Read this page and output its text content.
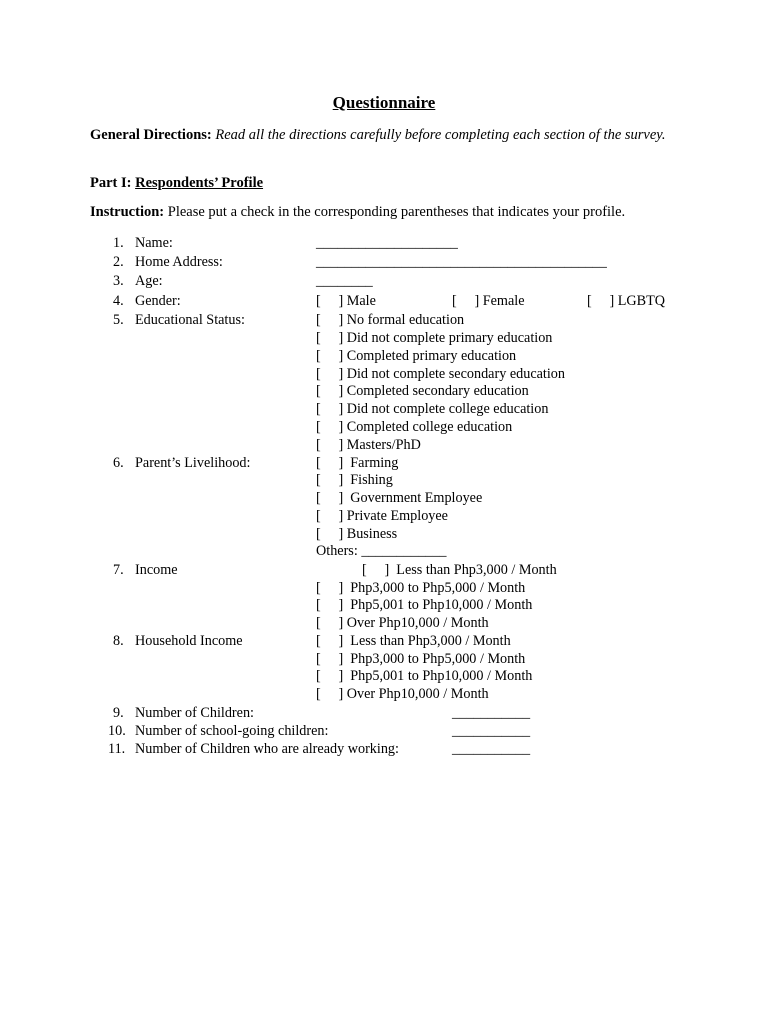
Questionnaire
General Directions: Read all the directions carefully before completing each section of the survey.
Part I: Respondents’ Profile
Instruction: Please put a check in the corresponding parentheses that indicates your profile.
1. Name:	____________________
2. Home Address:	_________________________________________
3. Age:	________
4. Gender:	[     ] Male	[     ] Female	[     ] LGBTQ
5. Educational Status:	[     ] No formal education
[     ] Did not complete primary education
[     ] Completed primary education
[     ] Did not complete secondary education
[     ] Completed secondary education
[     ] Did not complete college education
[     ] Completed college education
[     ] Masters/PhD
6. Parent’s Livelihood:	[     ]  Farming
[     ]  Fishing
[     ]  Government Employee
[     ] Private Employee
[     ] Business
Others: ____________
7. Income	[     ]  Less than Php3,000 / Month
[     ]  Php3,000 to Php5,000 / Month
[     ]  Php5,001 to Php10,000 / Month
[     ] Over Php10,000 / Month
8. Household Income	[     ]  Less than Php3,000 / Month
[     ]  Php3,000 to Php5,000 / Month
[     ]  Php5,001 to Php10,000 / Month
[     ] Over Php10,000 / Month
9. Number of Children:	___________
10. Number of school-going children:	___________
11. Number of Children who are already working:	___________
